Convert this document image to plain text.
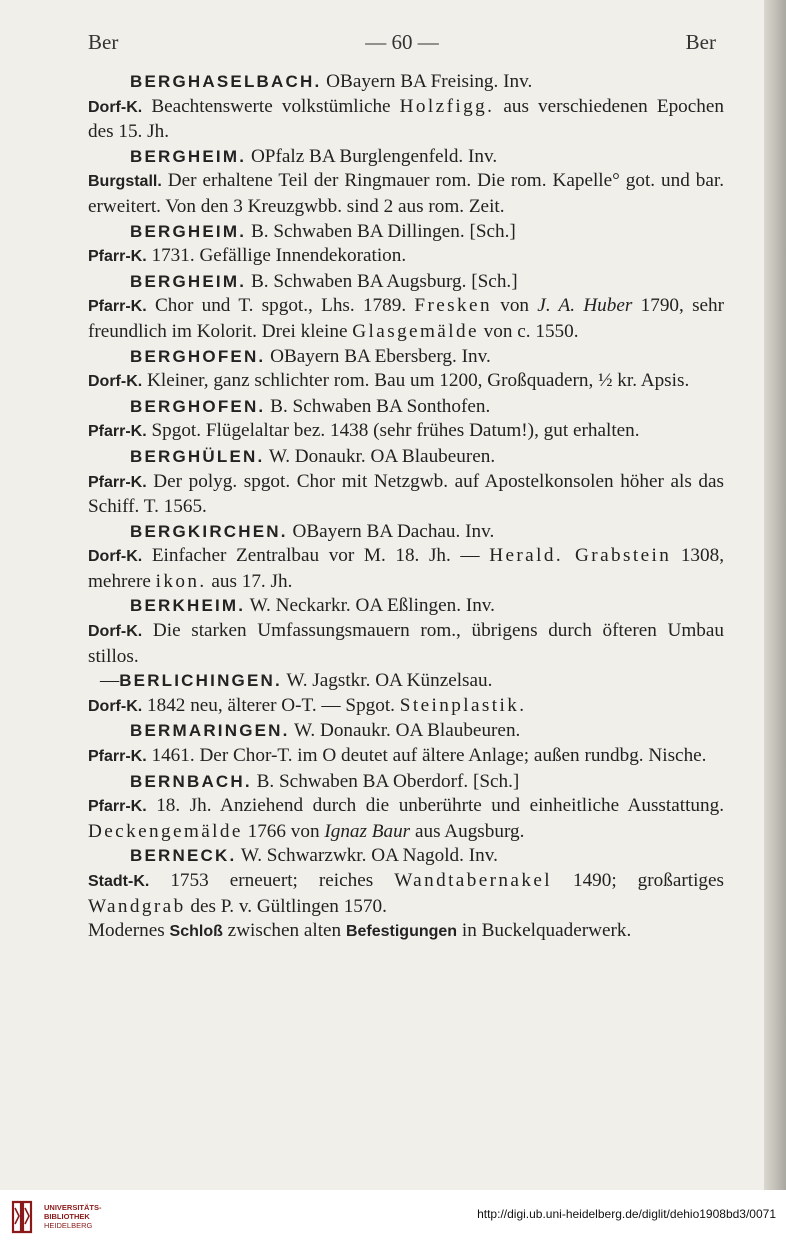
Ber	— 60 —	Ber

BERGHASELBACH. OBayern BA Freising. Inv.

Dorf-K. Beachtenswerte volkstümliche Holzfigg. aus verschiedenen Epochen des 15. Jh.

BERGHEIM. OPfalz BA Burglengenfeld. Inv.

Burgstall. Der erhaltene Teil der Ringmauer rom. Die rom. Kapelle° got. und bar. erweitert. Von den 3 Kreuzgwbb. sind 2 aus rom. Zeit.

BERGHEIM. B. Schwaben BA Dillingen. [Sch.]

Pfarr-K. 1731. Gefällige Innendekoration.

BERGHEIM. B. Schwaben BA Augsburg. [Sch.]

Pfarr-K. Chor und T. spgot., Lhs. 1789. Fresken von J. A. Huber 1790, sehr freundlich im Kolorit. Drei kleine Glasgemälde von c. 1550.

BERGHOFEN. OBayern BA Ebersberg. Inv.

Dorf-K. Kleiner, ganz schlichter rom. Bau um 1200, Großquadern, ½ kr. Apsis.

BERGHOFEN. B. Schwaben BA Sonthofen.

Pfarr-K. Spgot. Flügelaltar bez. 1438 (sehr frühes Datum!), gut erhalten.

BERGHÜLEN. W. Donaukr. OA Blaubeuren.

Pfarr-K. Der polyg. spgot. Chor mit Netzgwb. auf Apostelkonsolen höher als das Schiff. T. 1565.

BERGKIRCHEN. OBayern BA Dachau. Inv.

Dorf-K. Einfacher Zentralbau vor M. 18. Jh. — Herald. Grabstein 1308, mehrere ikon. aus 17. Jh.

BERKHEIM. W. Neckarkr. OA Eßlingen. Inv.

Dorf-K. Die starken Umfassungsmauern rom., übrigens durch öfteren Umbau stillos.

—BERLICHINGEN. W. Jagstkr. OA Künzelsau.

Dorf-K. 1842 neu, älterer O-T. — Spgot. Steinplastik.

BERMARINGEN. W. Donaukr. OA Blaubeuren.

Pfarr-K. 1461. Der Chor-T. im O deutet auf ältere Anlage; außen rundbg. Nische.

BERNBACH. B. Schwaben BA Oberdorf. [Sch.]

Pfarr-K. 18. Jh. Anziehend durch die unberührte und einheitliche Ausstattung. Deckengemälde 1766 von Ignaz Baur aus Augsburg.

BERNECK. W. Schwarzwkr. OA Nagold. Inv.

Stadt-K. 1753 erneuert; reiches Wandtabernakel 1490; großartiges Wandgrab des P. v. Gültlingen 1570.

Modernes Schloß zwischen alten Befestigungen in Buckelquaderwerk.

UNIVERSITÄTS-
BIBLIOTHEK
HEIDELBERG
http://digi.ub.uni-heidelberg.de/diglit/dehio1908bd3/0071
